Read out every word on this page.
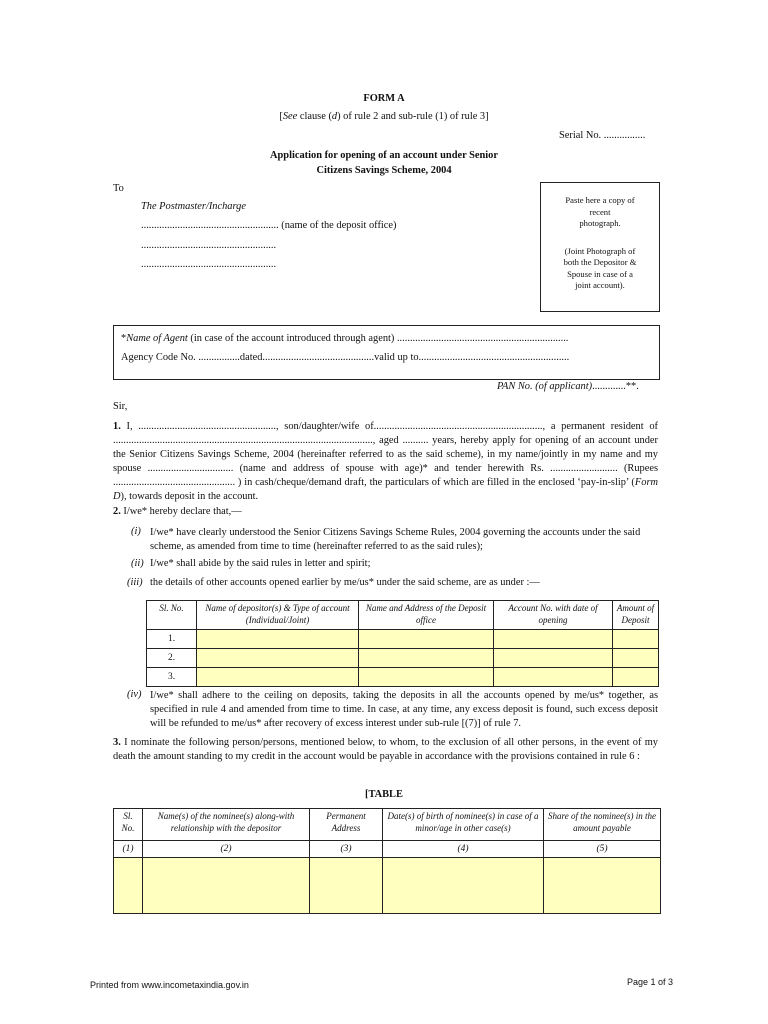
FORM A
[See clause (d) of rule 2 and sub-rule (1) of rule 3]
Serial No. ................
Application for opening of an account under Senior
Citizens Savings Scheme, 2004
To
The Postmaster/Incharge
..................................................... (name of the deposit office)
....................................................
....................................................
Paste here a copy of
recent
photograph.
(Joint Photograph of
both the Depositor &
Spouse in case of a
joint account).
*Name of Agent (in case of the account introduced through agent) ..................................................................
Agency Code No. ................dated...........................................valid up to..........................................................
PAN No. (of applicant).............**.
Sir,
1. I, ....................................................., son/daughter/wife of................................................................., a permanent resident of ...................................................................................................., aged .......... years, hereby apply for opening of an account under the Senior Citizens Savings Scheme, 2004 (hereinafter referred to as the said scheme), in my name/jointly in my name and my spouse ................................. (name and address of spouse with age)* and tender herewith Rs. .......................... (Rupees ............................................... ) in cash/cheque/demand draft, the particulars of which are filled in the enclosed ‘pay-in-slip’ (Form D), towards deposit in the account.
2. I/we* hereby declare that,—
(i) I/we* have clearly understood the Senior Citizens Savings Scheme Rules, 2004 governing the accounts under the said scheme, as amended from time to time (hereinafter referred to as the said rules);
(ii) I/we* shall abide by the said rules in letter and spirit;
(iii) the details of other accounts opened earlier by me/us* under the said scheme, are as under :—
Sl. No.	Name of depositor(s) & Type of account (Individual/Joint)	Name and Address of the Deposit office	Account No. with date of opening	Amount of Deposit
1.				
2.				
3.				
(iv) I/we* shall adhere to the ceiling on deposits, taking the deposits in all the accounts opened by me/us* together, as specified in rule 4 and amended from time to time. In case, at any time, any excess deposit is found, such excess deposit will be refunded to me/us* after recovery of excess interest under sub-rule [(7)] of rule 7.
3. I nominate the following person/persons, mentioned below, to whom, to the exclusion of all other persons, in the event of my death the amount standing to my credit in the account would be payable in accordance with the provisions contained in rule 6 :
[TABLE
Sl. No.	Name(s) of the nominee(s) along-with relationship with the depositor	Permanent Address	Date(s) of birth of nominee(s) in case of a minor/age in other case(s)	Share of the nominee(s) in the amount payable
(1)	(2)	(3)	(4)	(5)

Printed from www.incometaxindia.gov.in	Page 1 of 3
